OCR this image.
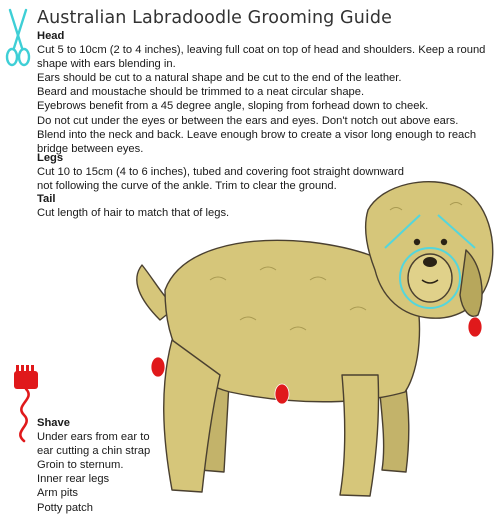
Australian Labradoodle Grooming Guide
Head

Cut 5 to 10cm (2 to 4 inches), leaving full coat on top of head and shoulders. Keep a round shape with ears blending in.

Ears should be cut to a natural shape and be cut to the end of the leather.

Beard and moustache should be trimmed to a neat circular shape.

Eyebrows benefit from a 45 degree angle, sloping from forhead down to cheek.

Do not cut under the eyes or between the ears and eyes. Don't notch out above ears.

Blend into the neck and back. Leave enough brow to create a visor long enough to reach bridge between eyes.

Legs

Cut 10 to 15cm (4 to 6 inches), tubed and covering foot straight downward

not following the curve of the ankle. Trim to clear the ground.

Tail

Cut length of hair to match that of legs.

Shave
Under ears from ear to ear cutting a chin strap
Groin to sternum.
Inner rear legs
Arm pits
Potty patch
